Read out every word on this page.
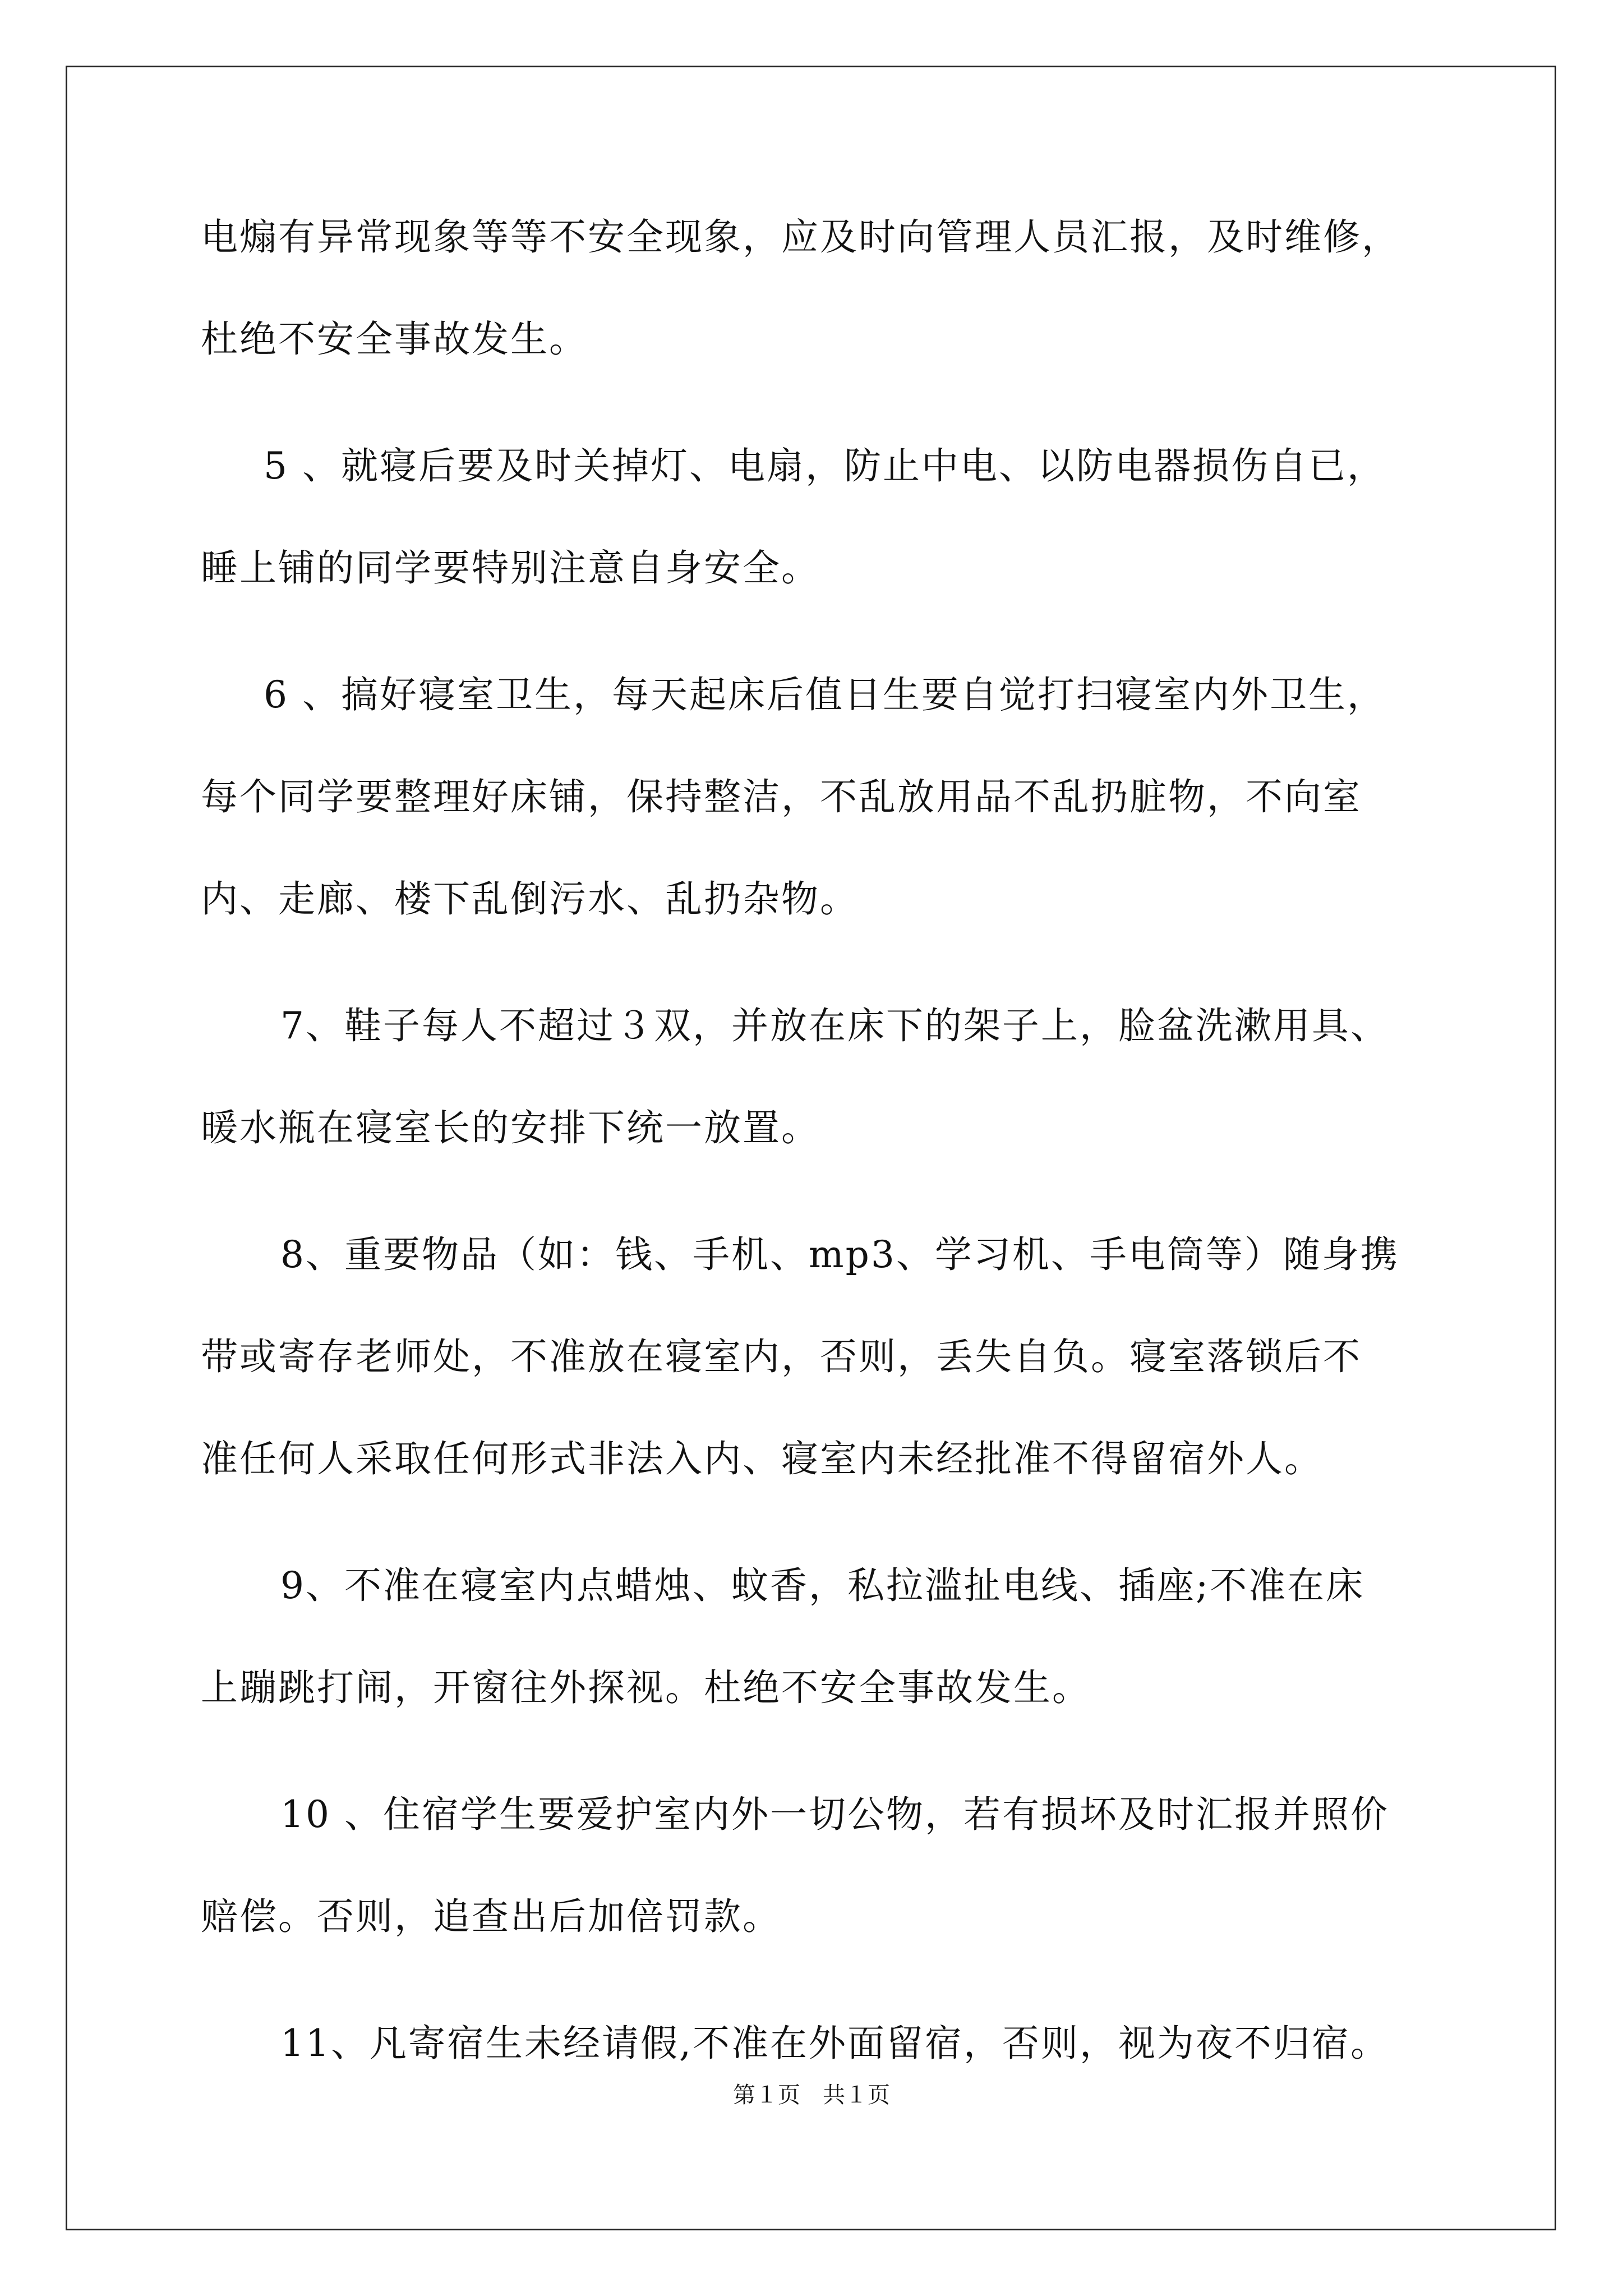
电煽有异常现象等等不安全现象，应及时向管理人员汇报，及时维修，
杜绝不安全事故发生。
5 、就寝后要及时关掉灯、电扇，防止中电、以防电器损伤自已，
睡上铺的同学要特别注意自身安全。
6 、搞好寝室卫生，每天起床后值日生要自觉打扫寝室内外卫生，
每个同学要整理好床铺，保持整洁，不乱放用品不乱扔脏物，不向室
内、走廊、楼下乱倒污水、乱扔杂物。
7、鞋子每人不超过３双，并放在床下的架子上，脸盆洗漱用具、
暖水瓶在寝室长的安排下统一放置。
8、重要物品（如：钱、手机、mp3、学习机、手电筒等）随身携
带或寄存老师处，不准放在寝室内，否则，丢失自负。寝室落锁后不
准任何人采取任何形式非法入内、寝室内未经批准不得留宿外人。
9、不准在寝室内点蜡烛、蚊香，私拉滥扯电线、插座;不准在床
上蹦跳打闹，开窗往外探视。杜绝不安全事故发生。
10 、住宿学生要爱护室内外一切公物，若有损坏及时汇报并照价
赔偿。否则，追查出后加倍罚款。
11、凡寄宿生未经请假,不准在外面留宿，否则，视为夜不归宿。
第１页　共１页
